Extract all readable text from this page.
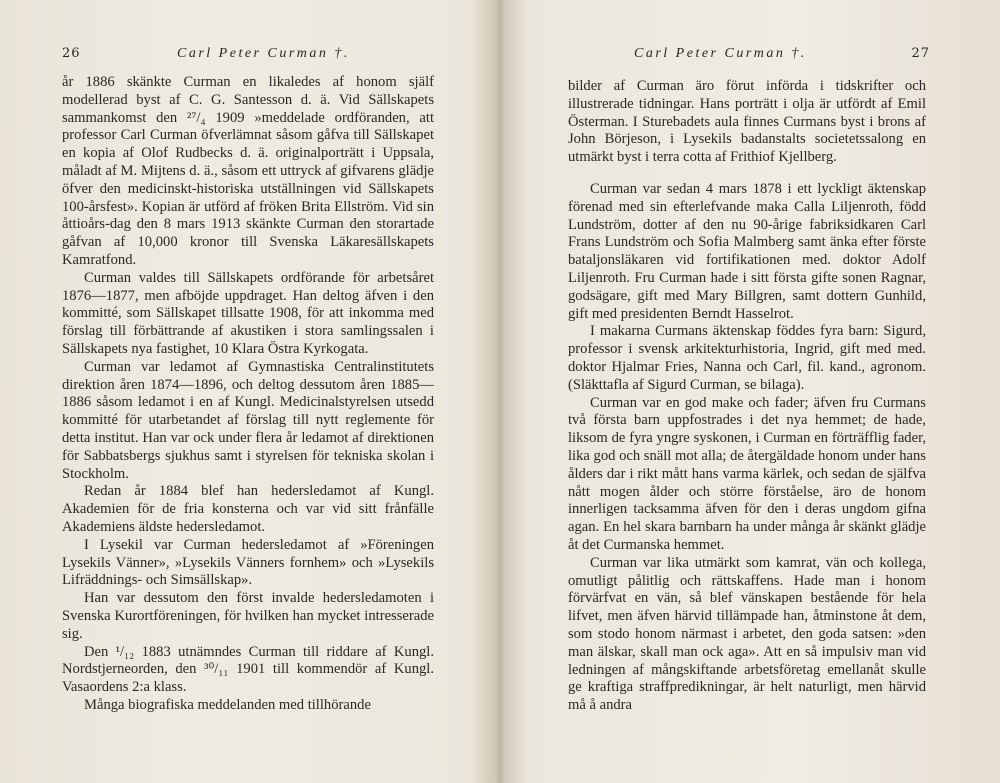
26	Carl Peter Curman †.

år 1886 skänkte Curman en likaledes af honom själf modellerad byst af C. G. Santesson d. ä. Vid Sällskapets sammankomst den ²⁷/₄ 1909 »meddelade ordföranden, att professor Carl Curman öfverlämnat såsom gåfva till Sällskapet en kopia af Olof Rudbecks d. ä. originalporträtt i Uppsala, måladt af M. Mijtens d. ä., såsom ett uttryck af gifvarens glädje öfver den medicinskt-historiska utställningen vid Sällskapets 100-årsfest». Kopian är utförd af fröken Brita Ellström. Vid sin åttioårs-dag den 8 mars 1913 skänkte Curman den storartade gåfvan af 10,000 kronor till Svenska Läkaresällskapets Kamratfond.

Curman valdes till Sällskapets ordförande för arbetsåret 1876—1877, men afböjde uppdraget. Han deltog äfven i den kommitté, som Sällskapet tillsatte 1908, för att inkomma med förslag till förbättrande af akustiken i stora samlingssalen i Sällskapets nya fastighet, 10 Klara Östra Kyrkogata.

Curman var ledamot af Gymnastiska Centralinstitutets direktion åren 1874—1896, och deltog dessutom åren 1885—1886 såsom ledamot i en af Kungl. Medicinalstyrelsen utsedd kommitté för utarbetandet af förslag till nytt reglemente för detta institut. Han var ock under flera år ledamot af direktionen för Sabbatsbergs sjukhus samt i styrelsen för tekniska skolan i Stockholm.

Redan år 1884 blef han hedersledamot af Kungl. Akademien för de fria konsterna och var vid sitt frånfälle Akademiens äldste hedersledamot.

I Lysekil var Curman hedersledamot af »Föreningen Lysekils Vänner», »Lysekils Vänners fornhem» och »Lysekils Lifräddnings- och Simsällskap».

Han var dessutom den först invalde hedersledamoten i Svenska Kurortföreningen, för hvilken han mycket intresserade sig.

Den ¹/₁₂ 1883 utnämndes Curman till riddare af Kungl. Nordstjerneorden, den ³⁰/₁₁ 1901 till kommendör af Kungl. Vasaordens 2:a klass.

Många biografiska meddelanden med tillhörande

Carl Peter Curman †.	27

bilder af Curman äro förut införda i tidskrifter och illustrerade tidningar. Hans porträtt i olja är utfördt af Emil Österman. I Sturebadets aula finnes Curmans byst i brons af John Börjeson, i Lysekils badanstalts societetssalong en utmärkt byst i terra cotta af Frithiof Kjellberg.

Curman var sedan 4 mars 1878 i ett lyckligt äktenskap förenad med sin efterlefvande maka Calla Liljenroth, född Lundström, dotter af den nu 90-årige fabriksidkaren Carl Frans Lundström och Sofia Malmberg samt änka efter förste bataljonsläkaren vid fortifikationen med. doktor Adolf Liljenroth. Fru Curman hade i sitt första gifte sonen Ragnar, godsägare, gift med Mary Billgren, samt dottern Gunhild, gift med presidenten Berndt Hasselrot.

I makarna Curmans äktenskap föddes fyra barn: Sigurd, professor i svensk arkitekturhistoria, Ingrid, gift med med. doktor Hjalmar Fries, Nanna och Carl, fil. kand., agronom. (Släkttafla af Sigurd Curman, se bilaga).

Curman var en god make och fader; äfven fru Curmans två första barn uppfostrades i det nya hemmet; de hade, liksom de fyra yngre syskonen, i Curman en förträfflig fader, lika god och snäll mot alla; de återgäldade honom under hans ålders dar i rikt mått hans varma kärlek, och sedan de själfva nått mogen ålder och större förståelse, äro de honom innerligen tacksamma äfven för den i deras ungdom gifna agan. En hel skara barnbarn ha under många år skänkt glädje åt det Curmanska hemmet.

Curman var lika utmärkt som kamrat, vän och kollega, omutligt pålitlig och rättskaffens. Hade man i honom förvärfvat en vän, så blef vänskapen bestående för hela lifvet, men äfven härvid tillämpade han, åtminstone åt dem, som stodo honom närmast i arbetet, den goda satsen: »den man älskar, skall man ock aga». Att en så impulsiv man vid ledningen af mångskiftande arbetsföretag emellanåt skulle ge kraftiga straffpredikningar, är helt naturligt, men härvid må å andra
